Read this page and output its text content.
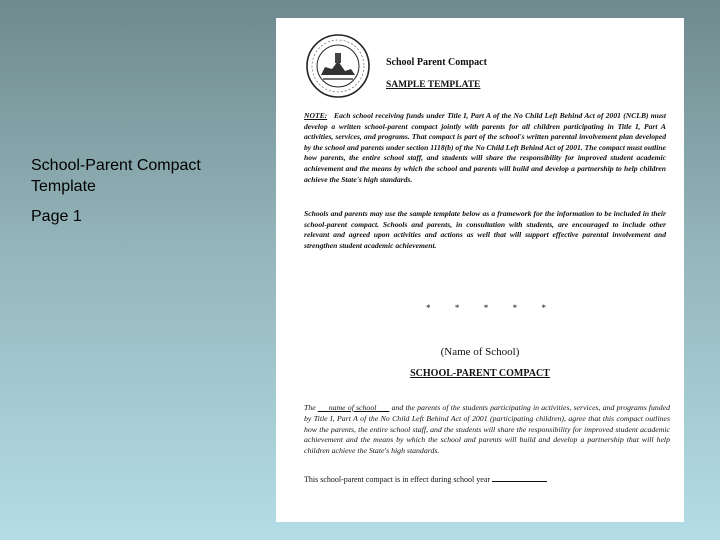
School-Parent Compact Template
Page 1
School Parent Compact
SAMPLE TEMPLATE
NOTE: Each school receiving funds under Title I, Part A of the No Child Left Behind Act of 2001 (NCLB) must develop a written school-parent compact jointly with parents for all children participating in Title I, Part A activities, services, and programs. That compact is part of the school's written parental involvement plan developed by the school and parents under section 1118(b) of the No Child Left Behind Act of 2001. The compact must outline how parents, the entire school staff, and students will share the responsibility for improved student academic achievement and the means by which the school and parents will build and develop a partnership to help children achieve the State's high standards.
Schools and parents may use the sample template below as a framework for the information to be included in their school-parent compact. Schools and parents, in consultation with students, are encouraged to include other relevant and agreed upon activities and actions as well that will support effective parental involvement and strengthen student academic achievement.
*	*	*	*	*
(Name of School)
SCHOOL-PARENT COMPACT
The name of school and the parents of the students participating in activities, services, and programs funded by Title I, Part A of the No Child Left Behind Act of 2001 (participating children), agree that this compact outlines how the parents, the entire school staff, and the students will share the responsibility for improved student academic achievement and the means by which the school and parents will build and develop a partnership that will help children achieve the State's high standards.
This school-parent compact is in effect during school year
